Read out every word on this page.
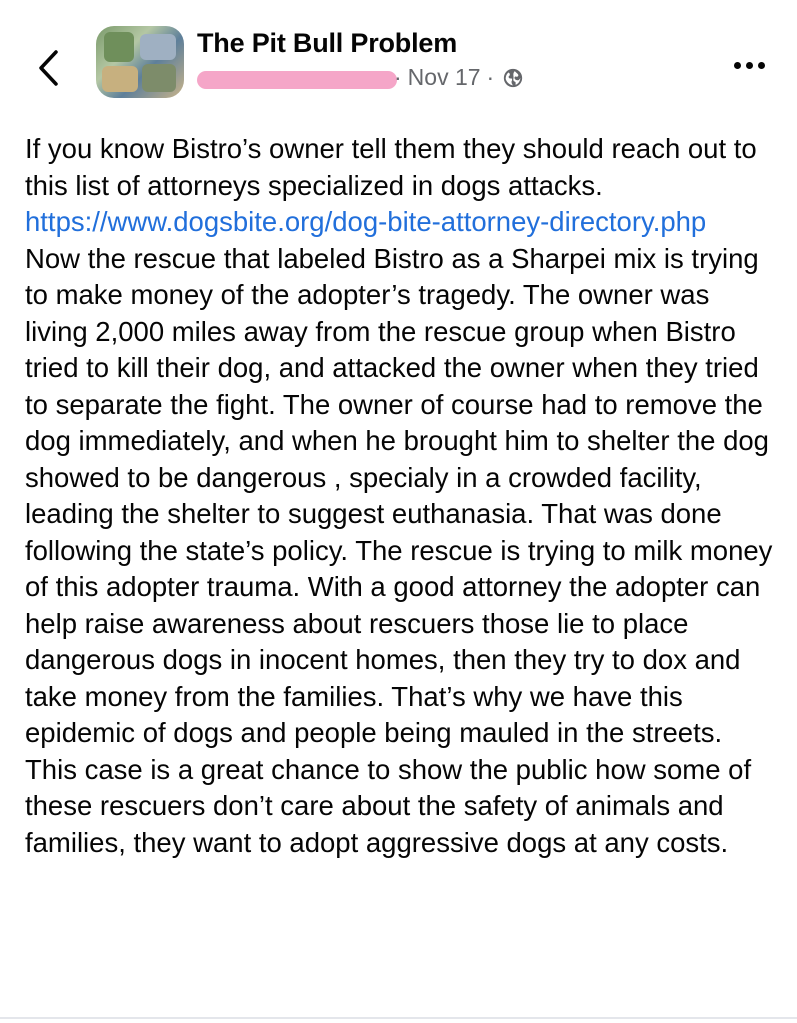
The Pit Bull Problem
· Nov 17 ·

If you know Bistro’s owner tell them they should reach out to this list of attorneys specialized in dogs attacks. https://www.dogsbite.org/dog-bite-attorney-directory.php

Now the rescue that labeled Bistro as a Sharpei mix is trying to make money of the adopter’s tragedy. The owner was living 2,000 miles away from the rescue group when Bistro tried to kill their dog, and attacked the owner when they tried to separate the fight. The owner of course had to remove the dog immediately, and when he brought him to shelter the dog showed to be dangerous , specialy in a crowded facility, leading the shelter to suggest euthanasia. That was done following the state’s policy. The rescue is trying to milk money of this adopter trauma. With a good attorney the adopter can help raise awareness about rescuers those lie to place dangerous dogs in inocent homes, then they try to dox and take money from the families. That’s why we have this epidemic of dogs and people being mauled in the streets. This case is a great chance to show the public how some of these rescuers don’t care about the safety of animals and families, they want to adopt aggressive dogs at any costs.
